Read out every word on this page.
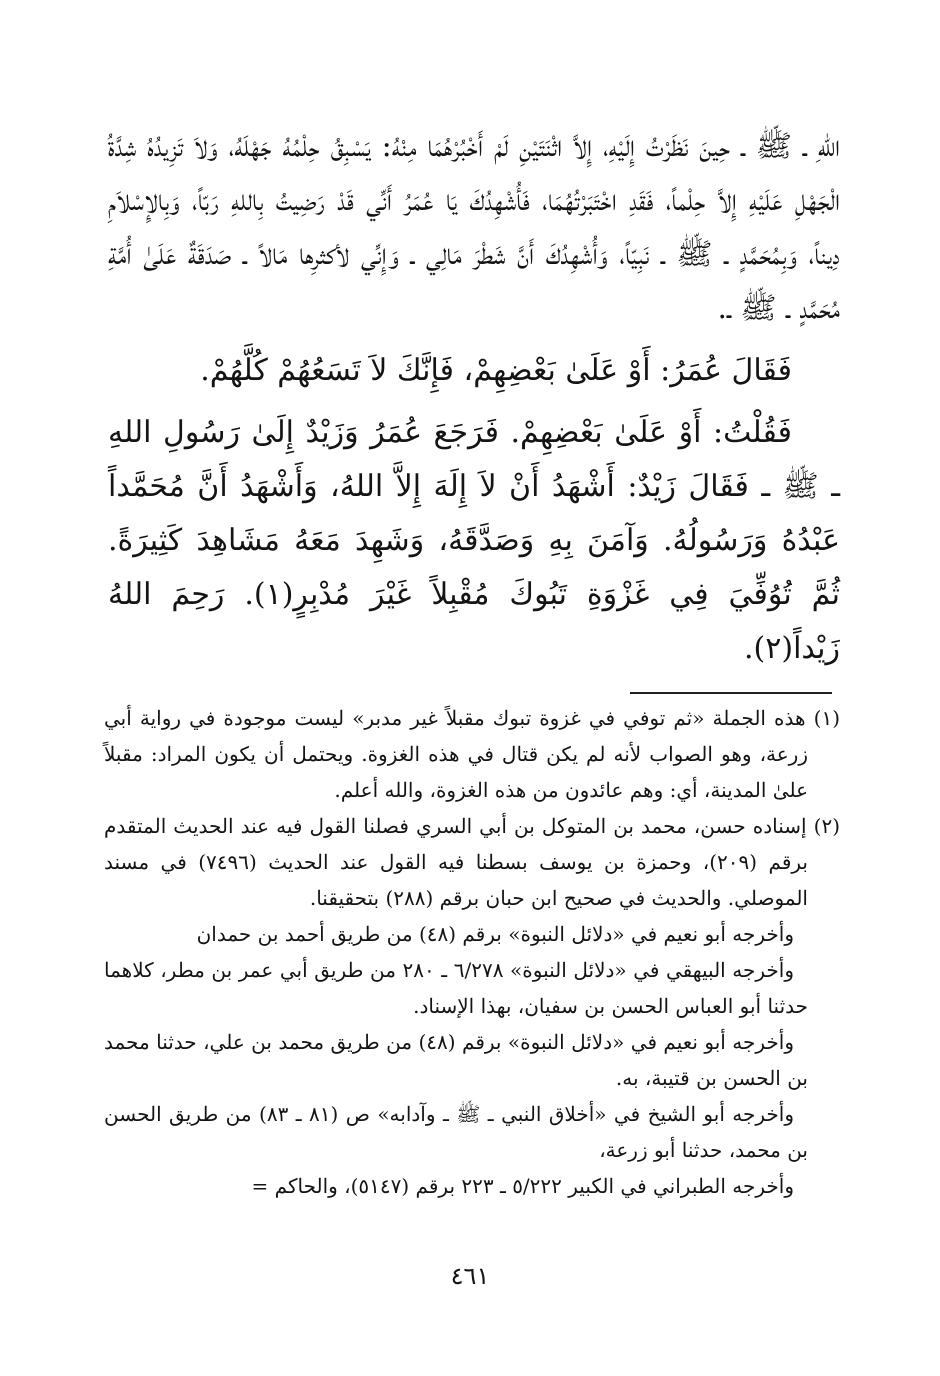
اللهِ ـ ﷺ ـ حِينَ نَظَرْتُ إِلَيْهِ، إِلاَّ اثْنَتَيْنِ لَمْ أَخْبُرْهُمَا مِنْهُ: يَسْبِقُ حِلْمُهُ جَهْلَهُ، وَلاَ تَزِيدُهُ شِدَّةُ الْجَهْلِ عَلَيْهِ إِلاَّ حِلْماً، فَقَدِ اخْتَبَرْتُهُمَا، فَأُشْهِدُكَ يَا عُمَرُ أَنِّي قَدْ رَضِيتُ بِاللهِ رَبّاً، وَبِالإِسْلاَمِ دِيناً، وَبِمُحَمَّدٍ ـ ﷺ ـ نَبِيّاً، وَأُشْهِدُكَ أَنَّ شَطْرَ مَالِي ـ وَإِنِّي لأكثرِها مَالاً ـ صَدَقَةٌ عَلَىٰ أُمَّةِ مُحَمَّدٍ ـ ﷺ ـ.

فَقَالَ عُمَرُ: أَوْ عَلَىٰ بَعْضِهِمْ، فَإِنَّكَ لاَ تَسَعُهُمْ كُلَّهُمْ.

فَقُلْتُ: أَوْ عَلَىٰ بَعْضِهِمْ. فَرَجَعَ عُمَرُ وَزَيْدٌ إِلَىٰ رَسُولِ اللهِ ـ ﷺ ـ فَقَالَ زَيْدٌ: أَشْهَدُ أَنْ لاَ إِلَهَ إِلاَّ اللهُ، وَأَشْهَدُ أَنَّ مُحَمَّداً عَبْدُهُ وَرَسُولُهُ. وَآمَنَ بِهِ وَصَدَّقَهُ، وَشَهِدَ مَعَهُ مَشَاهِدَ كَثِيرَةً. ثُمَّ تُوُفِّيَ فِي غَزْوَةِ تَبُوكَ مُقْبِلاً غَيْرَ مُدْبِرٍ(١). رَحِمَ اللهُ زَيْداً(٢).

(١) هذه الجملة «ثم توفي في غزوة تبوك مقبلاً غير مدبر» ليست موجودة في رواية أبي زرعة، وهو الصواب لأنه لم يكن قتال في هذه الغزوة. ويحتمل أن يكون المراد: مقبلاً علىٰ المدينة، أي: وهم عائدون من هذه الغزوة، والله أعلم.

(٢) إسناده حسن، محمد بن المتوكل بن أبي السري فصلنا القول فيه عند الحديث المتقدم برقم (٢٠٩)، وحمزة بن يوسف بسطنا فيه القول عند الحديث (٧٤٩٦) في مسند الموصلي. والحديث في صحيح ابن حبان برقم (٢٨٨) بتحقيقنا.

وأخرجه أبو نعيم في «دلائل النبوة» برقم (٤٨) من طريق أحمد بن حمدان

وأخرجه البيهقي في «دلائل النبوة» ٦/٢٧٨ ـ ٢٨٠ من طريق أبي عمر بن مطر، كلاهما حدثنا أبو العباس الحسن بن سفيان، بهذا الإسناد.

وأخرجه أبو نعيم في «دلائل النبوة» برقم (٤٨) من طريق محمد بن علي، حدثنا محمد بن الحسن بن قتيبة، به.

وأخرجه أبو الشيخ في «أخلاق النبي ـ ﷺ ـ وآدابه» ص (٨١ ـ ٨٣) من طريق الحسن بن محمد، حدثنا أبو زرعة،

وأخرجه الطبراني في الكبير ٥/٢٢٢ ـ ٢٢٣ برقم (٥١٤٧)، والحاكم =

٤٦١
